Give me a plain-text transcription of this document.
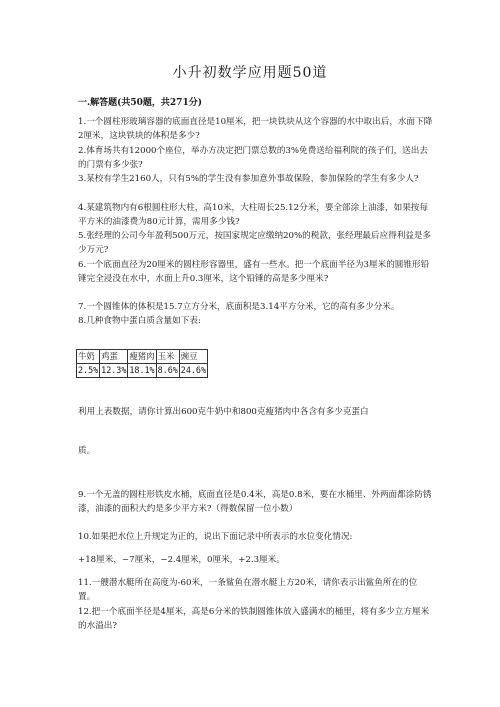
小升初数学应用题50道
一.解答题(共50题，共271分)

1.一个圆柱形玻璃容器的底面直径是10厘米，把一块铁块从这个容器的水中取出后，水面下降2厘米，这块铁块的体积是多少?

2.体育场共有12000个座位，举办方决定把门票总数的3%免费送给福利院的孩子们，送出去的门票有多少张?

3.某校有学生2160人，只有5%的学生没有参加意外事故保险，参加保险的学生有多少人?

4.某建筑物内有6根圆柱形大柱，高10米，大柱周长25.12分米，要全部涂上油漆，如果按每平方米的油漆费为80元计算，需用多少钱?

5.张经理的公司今年盈利500万元，按国家规定应缴纳20%的税款，张经理最后应得利益是多少万元?

6.一个底面直径为20厘米的圆柱形容器里，盛有一些水。把一个底面半径为3厘米的圆锥形铅锤完全浸没在水中，水面上升0.3厘米，这个铅锤的高是多少厘米?

7.一个圆锥体的体积是15.7立方分米，底面积是3.14平方分米，它的高有多少分米。

8.几种食物中蛋白质含量如下表:

牛奶	鸡蛋	瘦猪肉	玉米	豌豆
2.5%	12.3%	18.1%	8.6%	24.6%

利用上表数据，请你计算出600克牛奶中和800克瘦猪肉中各含有多少克蛋白

质。

9.一个无盖的圆柱形铁皮水桶，底面直径是0.4米，高是0.8米，要在水桶里、外两面都涂防锈漆，油漆的面积大约是多少平方米?（得数保留一位小数）

10.如果把水位上升规定为正的，说出下面记录中所表示的水位变化情况:

+18厘米，−7厘米，−2.4厘米，0厘米，+2.3厘米。

11.一艘潜水艇所在高度为-60米，一条鲨鱼在潜水艇上方20米，请你表示出鲨鱼所在的位置。

12.把一个底面半径是4厘米，高是6分米的铁制圆锥体放入盛满水的桶里，将有多少立方厘米的水溢出?
